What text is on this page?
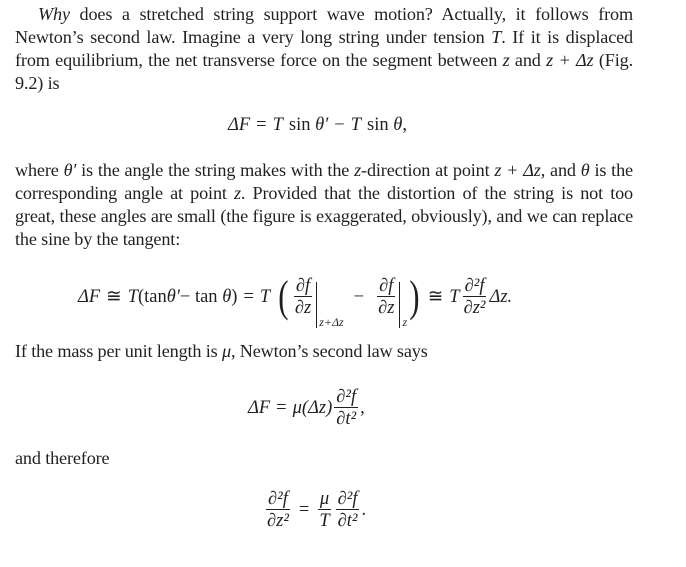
Why does a stretched string support wave motion? Actually, it follows from Newton’s second law. Imagine a very long string under tension T. If it is displaced from equilibrium, the net transverse force on the segment between z and z + Δz (Fig. 9.2) is
ΔF = T sin
θ′ − T sin
θ ,
where θ′ is the angle the string makes with the z-direction at point z + Δz, and θ is the corresponding angle at point z. Provided that the distortion of the string is not too great, these angles are small (the figure is exaggerated, obviously), and we can replace the sine by the tangent:
ΔF ≅ T (tan θ′ − tan
θ ) = T ( $\frac{\partial f}{\partial z}$
z+Δz
− $\frac{\partial f}{\partial z}$
z
) ≅ T $\frac{\text{∂²f}}{\text{∂z²}} \Delta z$.
If the mass per unit length is μ, Newton’s second law says
$\Delta F = \mu(\Delta z) \frac{\text{∂²f}}{\text{∂t²}}$ ,
and therefore
$\frac{\text{∂²f}}{\text{∂z²}} = \frac{\mu}{T} \frac{\text{∂²f}}{\text{∂t²}}$ .
